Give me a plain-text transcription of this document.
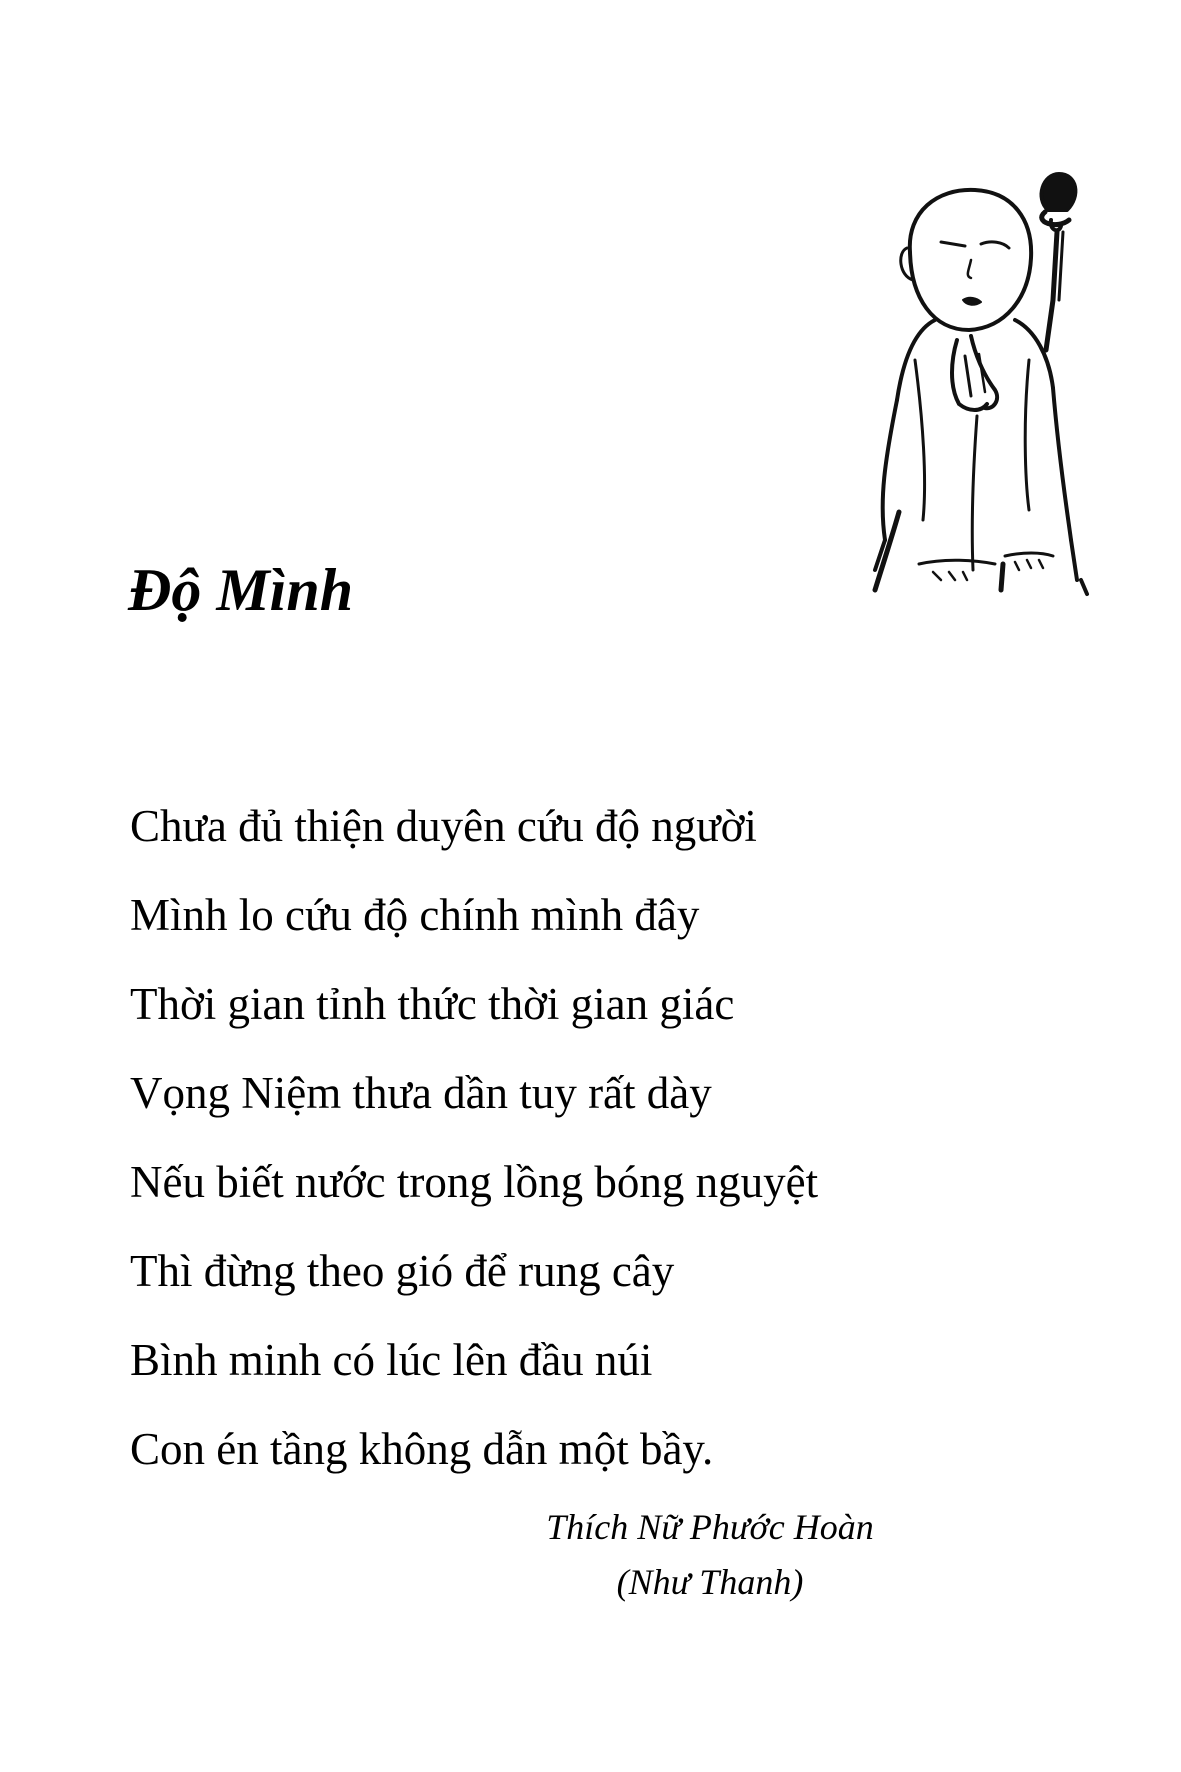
Độ Mình
Chưa đủ thiện duyên cứu độ người
Mình lo cứu độ chính mình đây
Thời gian tỉnh thức thời gian giác
Vọng Niệm thưa dần tuy rất dày
Nếu biết nước trong lồng bóng nguyệt
Thì đừng theo gió để rung cây
Bình minh có lúc lên đầu núi
Con én tầng không dẫn một bầy.
Thích Nữ Phước Hoàn
(Như Thanh)
